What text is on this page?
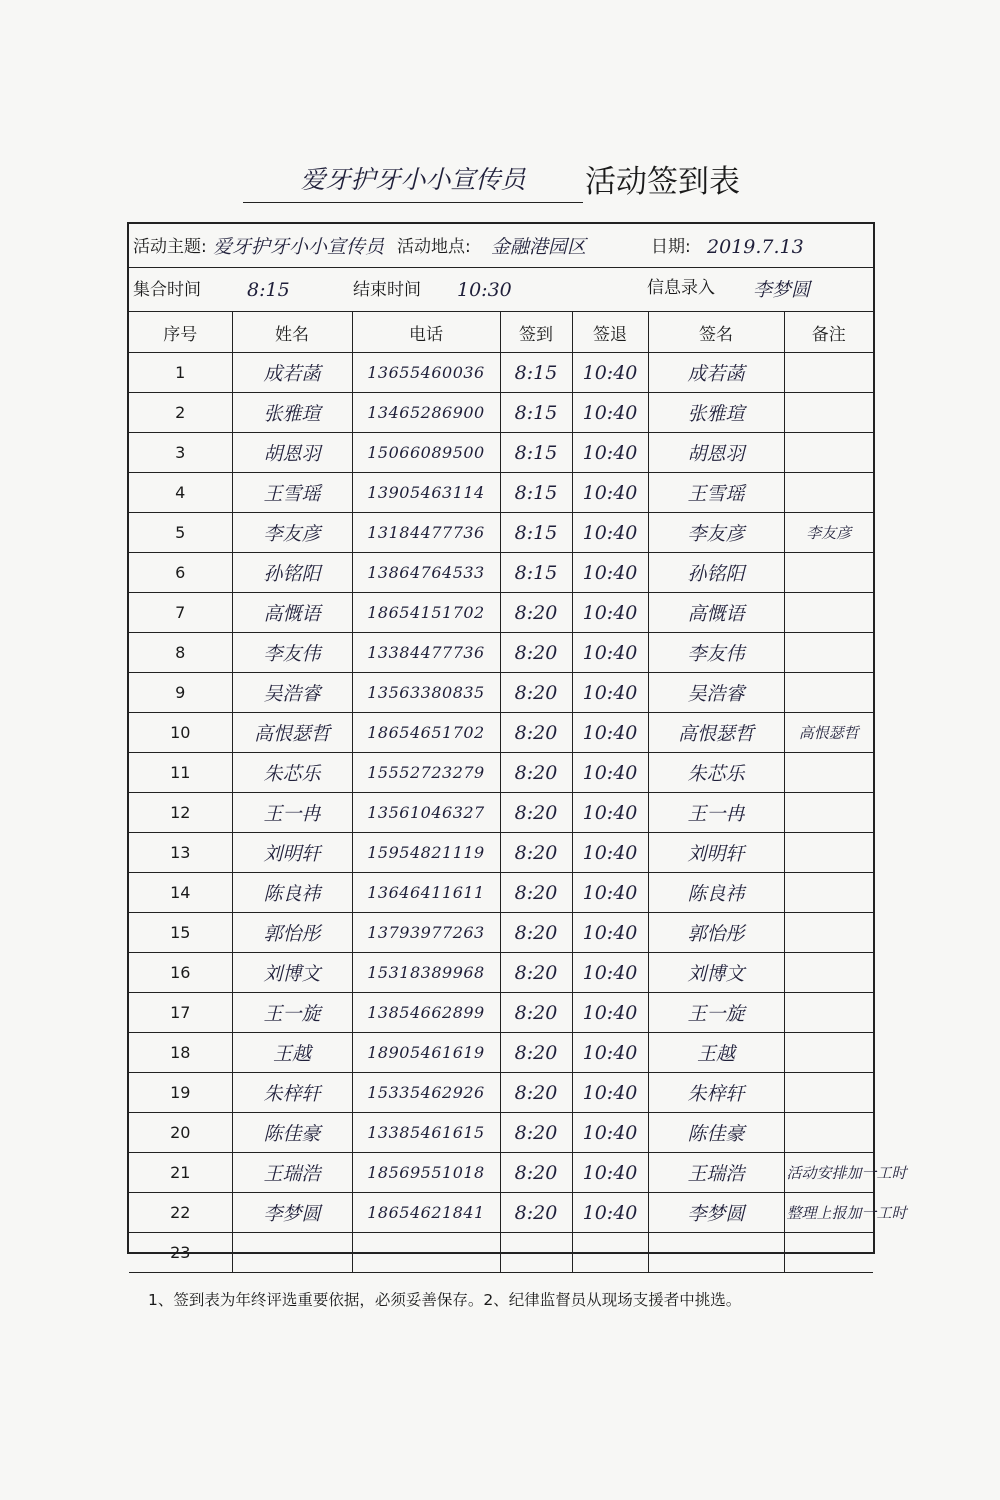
爱牙护牙小小宣传员	活动签到表
活动主题: 爱牙护牙小小宣传员 活动地点: 金融港园区	日期: 2019.7.13
集合时间 8:15	结束时间 10:30	信息录入 李梦圆
序号	姓名	电话	签到	签退	签名	备注
1	成若菡	13655460036	8:15	10:40	成若菡	
2	张雅瑄	13465286900	8:15	10:40	张雅瑄	
3	胡恩羽	15066089500	8:15	10:40	胡恩羽	
4	王雪瑶	13905463114	8:15	10:40	王雪瑶	
5	李友彦	13184477736	8:15	10:40	李友彦	李友彦
6	孙铭阳	13864764533	8:15	10:40	孙铭阳	
7	高慨语	18654151702	8:20	10:40	高慨语	
8	李友伟	13384477736	8:20	10:40	李友伟	
9	吴浩睿	13563380835	8:20	10:40	吴浩睿	
10	高恨瑟哲	18654651702	8:20	10:40	高恨瑟哲	高恨瑟哲
11	朱芯乐	15552723279	8:20	10:40	朱芯乐	
12	王一冉	13561046327	8:20	10:40	王一冉	
13	刘明轩	15954821119	8:20	10:40	刘明轩	
14	陈良祎	13646411611	8:20	10:40	陈良祎	
15	郭怡彤	13793977263	8:20	10:40	郭怡彤	
16	刘博文	15318389968	8:20	10:40	刘博文	
17	王一旋	13854662899	8:20	10:40	王一旋	
18	王越	18905461619	8:20	10:40	王越	
19	朱梓轩	15335462926	8:20	10:40	朱梓轩	
20	陈佳豪	13385461615	8:20	10:40	陈佳豪	
21	王瑞浩	18569551018	8:20	10:40	王瑞浩	活动安排加一工时
22	李梦圆	18654621841	8:20	10:40	李梦圆	整理上报加一工时
23						
1、签到表为年终评选重要依据，必须妥善保存。2、纪律监督员从现场支援者中挑选。
